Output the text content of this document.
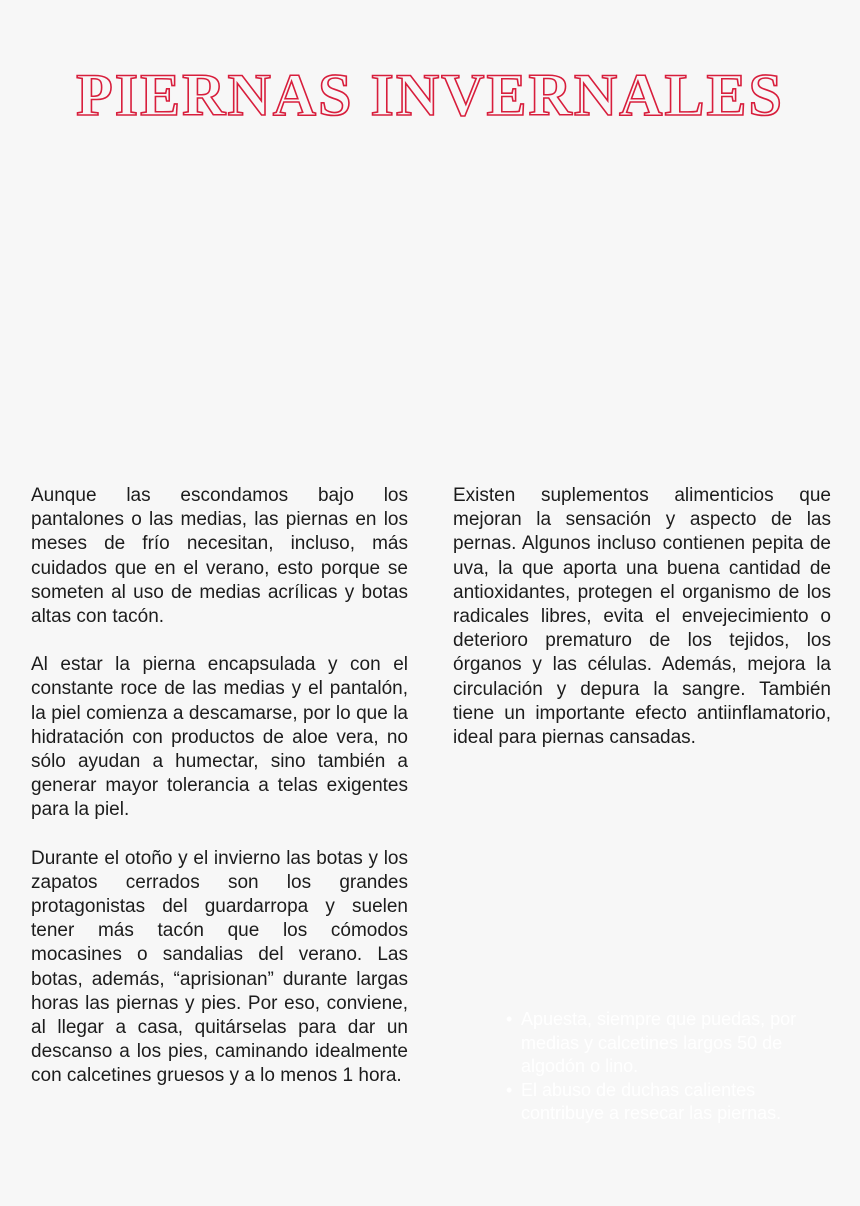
PIERNAS INVERNALES

Aunque las escondamos bajo los pantalones o las medias, las piernas en los meses de frío necesitan, incluso, más cuidados que en el verano, esto porque se someten al uso de medias acrílicas y botas altas con tacón.

Al estar la pierna encapsulada y con el constante roce de las medias y el pantalón, la piel comienza a descamarse, por lo que la hidratación con productos de aloe vera, no sólo ayudan a humectar, sino también a generar mayor tolerancia a telas exigentes para la piel.

Durante el otoño y el invierno las botas y los zapatos cerrados son los grandes protagonistas del guardarropa y suelen tener más tacón que los cómodos mocasines o sandalias del verano. Las botas, además, “aprisionan” durante largas horas las piernas y pies. Por eso, conviene, al llegar a casa, quitárselas para dar un descanso a los pies, caminando idealmente con calcetines gruesos y a lo menos 1 hora.

Existen suplementos alimenticios que mejoran la sensación y aspecto de las pernas. Algunos incluso contienen pepita de uva, la que aporta una buena cantidad de antioxidantes, protegen el organismo de los radicales libres, evita el envejecimiento o deterioro prematuro de los tejidos, los órganos y las células. Además, mejora la circulación y depura la sangre. También tiene un importante efecto antiinflamatorio, ideal para piernas cansadas.

• Apuesta, siempre que puedas, por medias y calcetines largos 50 de algodón o lino.
• El abuso de duchas calientes contribuye a resecar las piernas.
